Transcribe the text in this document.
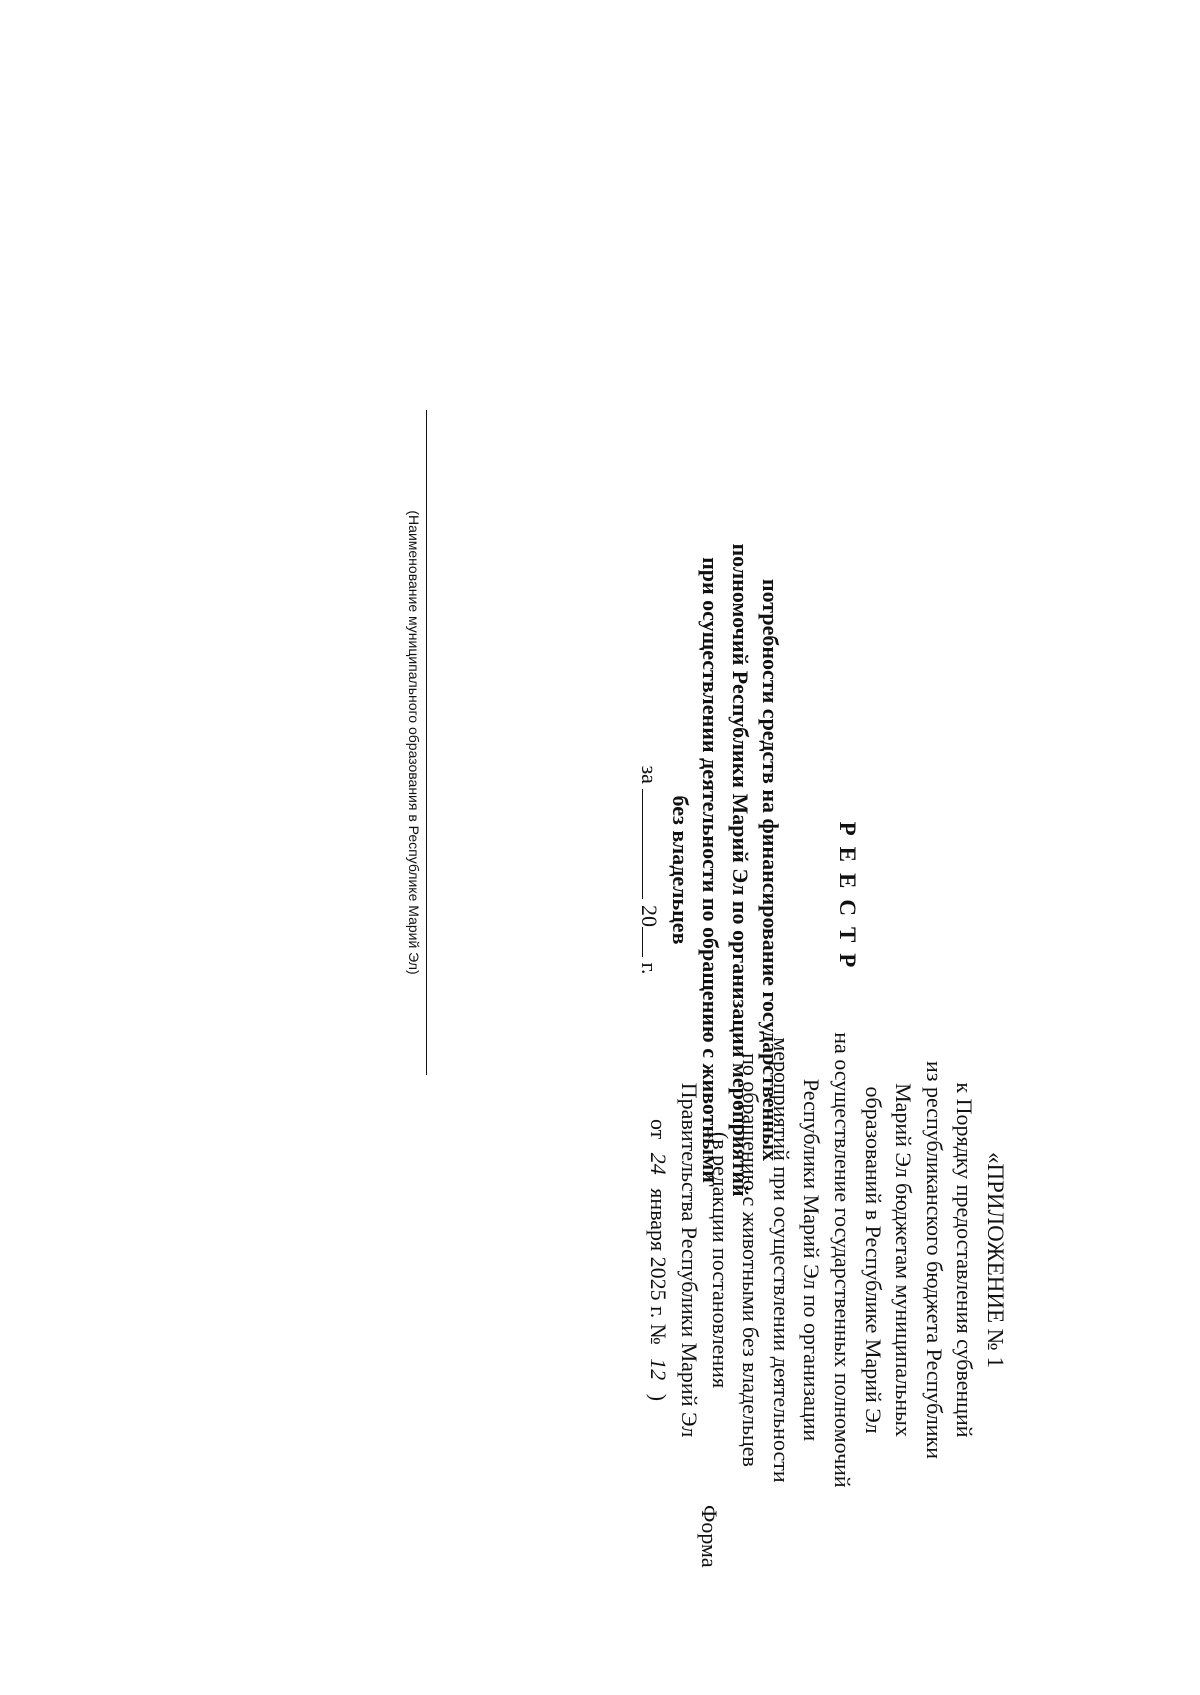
«ПРИЛОЖЕНИЕ № 1
к Порядку предоставления субвенций
из республиканского бюджета Республики
Марий Эл бюджетам муниципальных
образований в Республике Марий Эл
на осуществление государственных полномочий
Республики Марий Эл по организации
мероприятий при осуществлении деятельности
по обращению с животными без владельцев
(в редакции постановления
Правительства Республики Марий Эл
от 24 января 2025 г. № 12 )
Форма
РЕЕСТР
потребности средств на финансирование государственных
полномочий Республики Марий Эл по организации мероприятий
при осуществлении деятельности по обращению с животными
без владельцев
за  20 г.
(Наименование муниципального образования в Республике Марий Эл)
